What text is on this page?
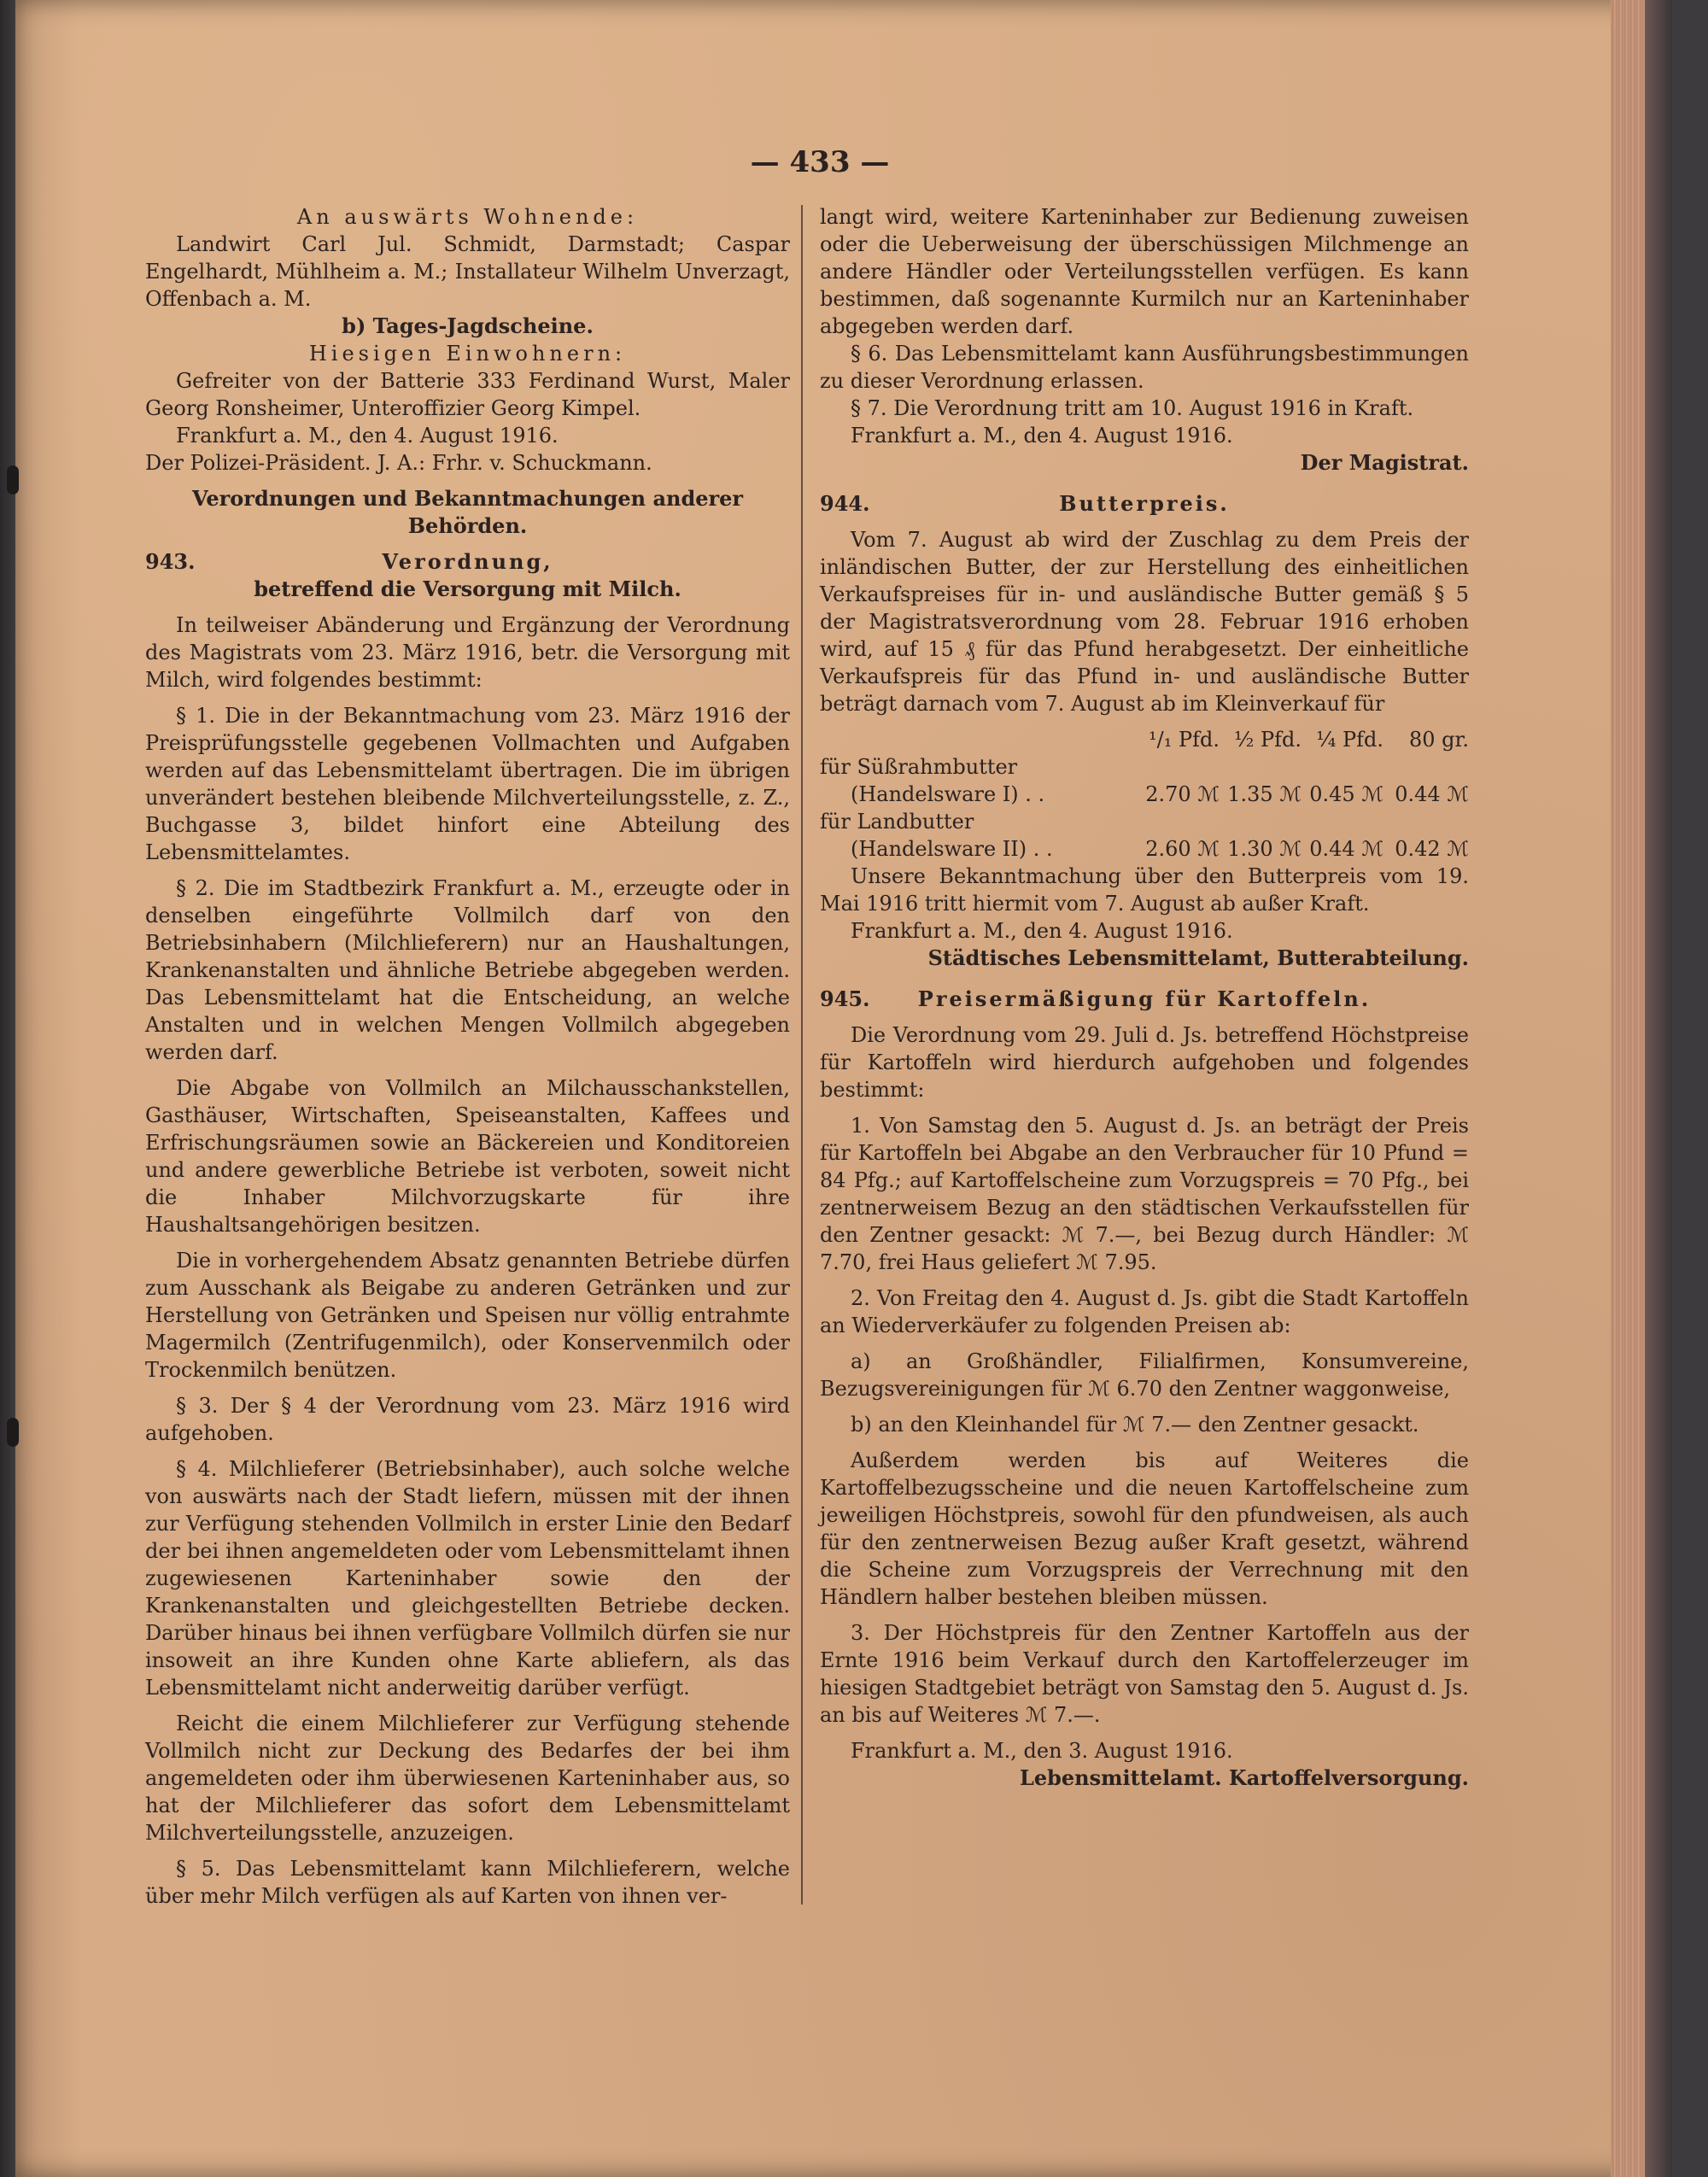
— 433 —

An auswärts Wohnende:

Landwirt Carl Jul. Schmidt, Darmstadt; Caspar Engelhardt, Mühlheim a. M.; Installateur Wilhelm Unverzagt, Offenbach a. M.

b) Tages-Jagdscheine.

Hiesigen Einwohnern:

Gefreiter von der Batterie 333 Ferdinand Wurst, Maler Georg Ronsheimer, Unteroffizier Georg Kimpel.

Frankfurt a. M., den 4. August 1916.

Der Polizei-Präsident. J. A.: Frhr. v. Schuckmann.

Verordnungen und Bekanntmachungen anderer Behörden.

943.	Verordnung,

betreffend die Versorgung mit Milch.

In teilweiser Abänderung und Ergänzung der Verordnung des Magistrats vom 23. März 1916, betr. die Versorgung mit Milch, wird folgendes bestimmt:

§ 1. Die in der Bekanntmachung vom 23. März 1916 der Preisprüfungsstelle gegebenen Vollmachten und Aufgaben werden auf das Lebensmittelamt übertragen. Die im übrigen unverändert bestehen bleibende Milchverteilungsstelle, z. Z., Buchgasse 3, bildet hinfort eine Abteilung des Lebensmittelamtes.

§ 2. Die im Stadtbezirk Frankfurt a. M., erzeugte oder in denselben eingeführte Vollmilch darf von den Betriebsinhabern (Milchlieferern) nur an Haushaltungen, Krankenanstalten und ähnliche Betriebe abgegeben werden. Das Lebensmittelamt hat die Entscheidung, an welche Anstalten und in welchen Mengen Vollmilch abgegeben werden darf.

Die Abgabe von Vollmilch an Milchausschankstellen, Gasthäuser, Wirtschaften, Speiseanstalten, Kaffees und Erfrischungsräumen sowie an Bäckereien und Konditoreien und andere gewerbliche Betriebe ist verboten, soweit nicht die Inhaber Milchvorzugskarte für ihre Haushaltsangehörigen besitzen.

Die in vorhergehendem Absatz genannten Betriebe dürfen zum Ausschank als Beigabe zu anderen Getränken und zur Herstellung von Getränken und Speisen nur völlig entrahmte Magermilch (Zentrifugenmilch), oder Konservenmilch oder Trockenmilch benützen.

§ 3. Der § 4 der Verordnung vom 23. März 1916 wird aufgehoben.

§ 4. Milchlieferer (Betriebsinhaber), auch solche welche von auswärts nach der Stadt liefern, müssen mit der ihnen zur Verfügung stehenden Vollmilch in erster Linie den Bedarf der bei ihnen angemeldeten oder vom Lebensmittelamt ihnen zugewiesenen Karteninhaber sowie den der Krankenanstalten und gleichgestellten Betriebe decken. Darüber hinaus bei ihnen verfügbare Vollmilch dürfen sie nur insoweit an ihre Kunden ohne Karte abliefern, als das Lebensmittelamt nicht anderweitig darüber verfügt.

Reicht die einem Milchlieferer zur Verfügung stehende Vollmilch nicht zur Deckung des Bedarfes der bei ihm angemeldeten oder ihm überwiesenen Karteninhaber aus, so hat der Milchlieferer das sofort dem Lebensmittelamt Milchverteilungsstelle, anzuzeigen.

§ 5. Das Lebensmittelamt kann Milchlieferern, welche über mehr Milch verfügen als auf Karten von ihnen ver-

langt wird, weitere Karteninhaber zur Bedienung zuweisen oder die Ueberweisung der überschüssigen Milchmenge an andere Händler oder Verteilungsstellen verfügen. Es kann bestimmen, daß sogenannte Kurmilch nur an Karteninhaber abgegeben werden darf.

§ 6. Das Lebensmittelamt kann Ausführungsbestimmungen zu dieser Verordnung erlassen.

§ 7. Die Verordnung tritt am 10. August 1916 in Kraft.

Frankfurt a. M., den 4. August 1916.

Der Magistrat.

944.	Butterpreis.

Vom 7. August ab wird der Zuschlag zu dem Preis der inländischen Butter, der zur Herstellung des einheitlichen Verkaufspreises für in- und ausländische Butter gemäß § 5 der Magistratsverordnung vom 28. Februar 1916 erhoben wird, auf 15 ₰ für das Pfund herabgesetzt. Der einheitliche Verkaufspreis für das Pfund in- und ausländische Butter beträgt darnach vom 7. August ab im Kleinverkauf für

¹/₁ Pfd. ½ Pfd. ¼ Pfd.	80 gr.

für Süßrahmbutter

(Handelsware I) . .	2.70 ℳ 1.35 ℳ 0.45 ℳ 0.44 ℳ

für Landbutter

(Handelsware II) . .	2.60 ℳ 1.30 ℳ 0.44 ℳ 0.42 ℳ

Unsere Bekanntmachung über den Butterpreis vom 19. Mai 1916 tritt hiermit vom 7. August ab außer Kraft.

Frankfurt a. M., den 4. August 1916.

Städtisches Lebensmittelamt, Butterabteilung.

945. Preisermäßigung für Kartoffeln.

Die Verordnung vom 29. Juli d. Js. betreffend Höchstpreise für Kartoffeln wird hierdurch aufgehoben und folgendes bestimmt:

1. Von Samstag den 5. August d. Js. an beträgt der Preis für Kartoffeln bei Abgabe an den Verbraucher für 10 Pfund = 84 Pfg.; auf Kartoffelscheine zum Vorzugspreis = 70 Pfg., bei zentnerweisem Bezug an den städtischen Verkaufsstellen für den Zentner gesackt: ℳ 7.—, bei Bezug durch Händler: ℳ 7.70, frei Haus geliefert ℳ 7.95.

2. Von Freitag den 4. August d. Js. gibt die Stadt Kartoffeln an Wiederverkäufer zu folgenden Preisen ab:

a) an Großhändler, Filialfirmen, Konsumvereine, Bezugsvereinigungen für ℳ 6.70 den Zentner waggonweise,

b) an den Kleinhandel für ℳ 7.— den Zentner gesackt.

Außerdem werden bis auf Weiteres die Kartoffelbezugsscheine und die neuen Kartoffelscheine zum jeweiligen Höchstpreis, sowohl für den pfundweisen, als auch für den zentnerweisen Bezug außer Kraft gesetzt, während die Scheine zum Vorzugspreis der Verrechnung mit den Händlern halber bestehen bleiben müssen.

3. Der Höchstpreis für den Zentner Kartoffeln aus der Ernte 1916 beim Verkauf durch den Kartoffelerzeuger im hiesigen Stadtgebiet beträgt von Samstag den 5. August d. Js. an bis auf Weiteres ℳ 7.—.

Frankfurt a. M., den 3. August 1916.

Lebensmittelamt. Kartoffelversorgung.
